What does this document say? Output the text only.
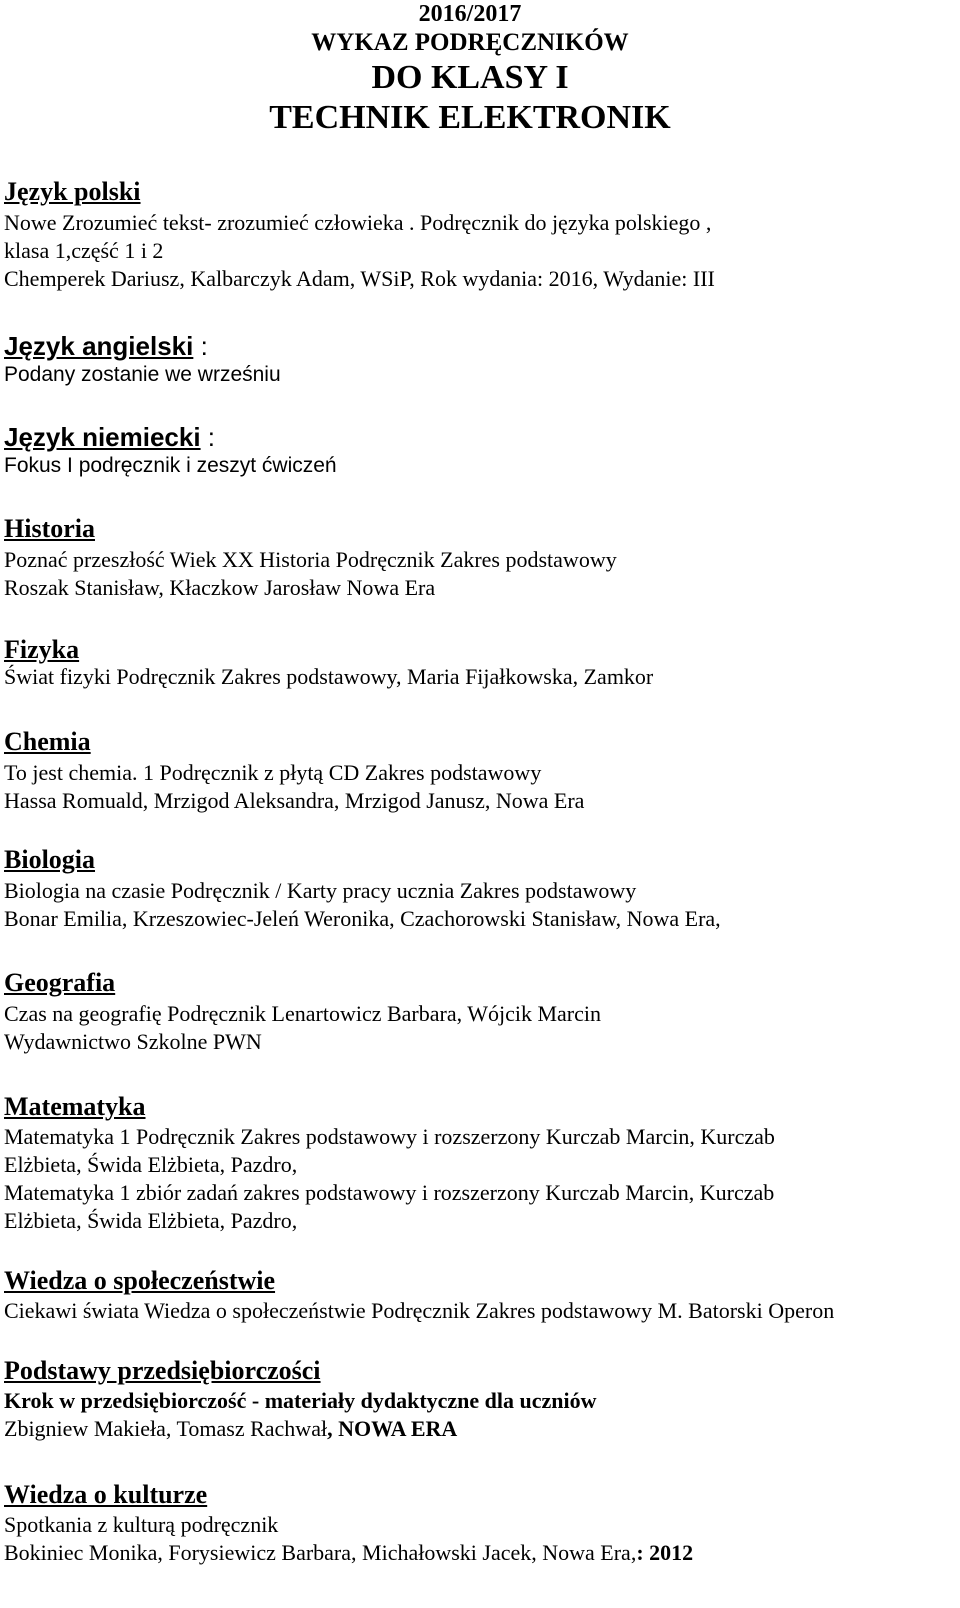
2016/2017
WYKAZ PODRĘCZNIKÓW
DO KLASY I
TECHNIK ELEKTRONIK
Język polski
Nowe Zrozumieć tekst- zrozumieć człowieka . Podręcznik do języka polskiego ,
klasa 1,część 1 i 2
Chemperek Dariusz, Kalbarczyk Adam, WSiP, Rok wydania: 2016, Wydanie: III
Język angielski :
Podany zostanie we wrześniu
Język niemiecki :
Fokus I podręcznik i zeszyt ćwiczeń
Historia
Poznać przeszłość Wiek XX Historia Podręcznik Zakres podstawowy
Roszak Stanisław, Kłaczkow Jarosław Nowa Era
Fizyka
Świat fizyki Podręcznik Zakres podstawowy, Maria Fijałkowska, Zamkor
Chemia
To jest chemia. 1 Podręcznik z płytą CD Zakres podstawowy
Hassa Romuald, Mrzigod Aleksandra, Mrzigod Janusz, Nowa Era
Biologia
Biologia na czasie Podręcznik / Karty pracy ucznia Zakres podstawowy
Bonar Emilia, Krzeszowiec-Jeleń Weronika, Czachorowski Stanisław, Nowa Era,
Geografia
Czas na geografię Podręcznik Lenartowicz Barbara, Wójcik Marcin
Wydawnictwo Szkolne PWN
Matematyka
Matematyka 1 Podręcznik Zakres podstawowy i rozszerzony Kurczab Marcin, Kurczab
Elżbieta, Świda Elżbieta, Pazdro,
Matematyka 1 zbiór zadań zakres podstawowy i rozszerzony Kurczab Marcin, Kurczab
Elżbieta, Świda Elżbieta, Pazdro,
Wiedza o społeczeństwie
Ciekawi świata Wiedza o społeczeństwie Podręcznik Zakres podstawowy M. Batorski Operon
Podstawy przedsiębiorczości
Krok w przedsiębiorczość - materiały dydaktyczne dla uczniów
Zbigniew Makieła, Tomasz Rachwał, NOWA ERA
Wiedza o kulturze
Spotkania z kulturą podręcznik
Bokiniec Monika, Forysiewicz Barbara, Michałowski Jacek, Nowa Era,: 2012
